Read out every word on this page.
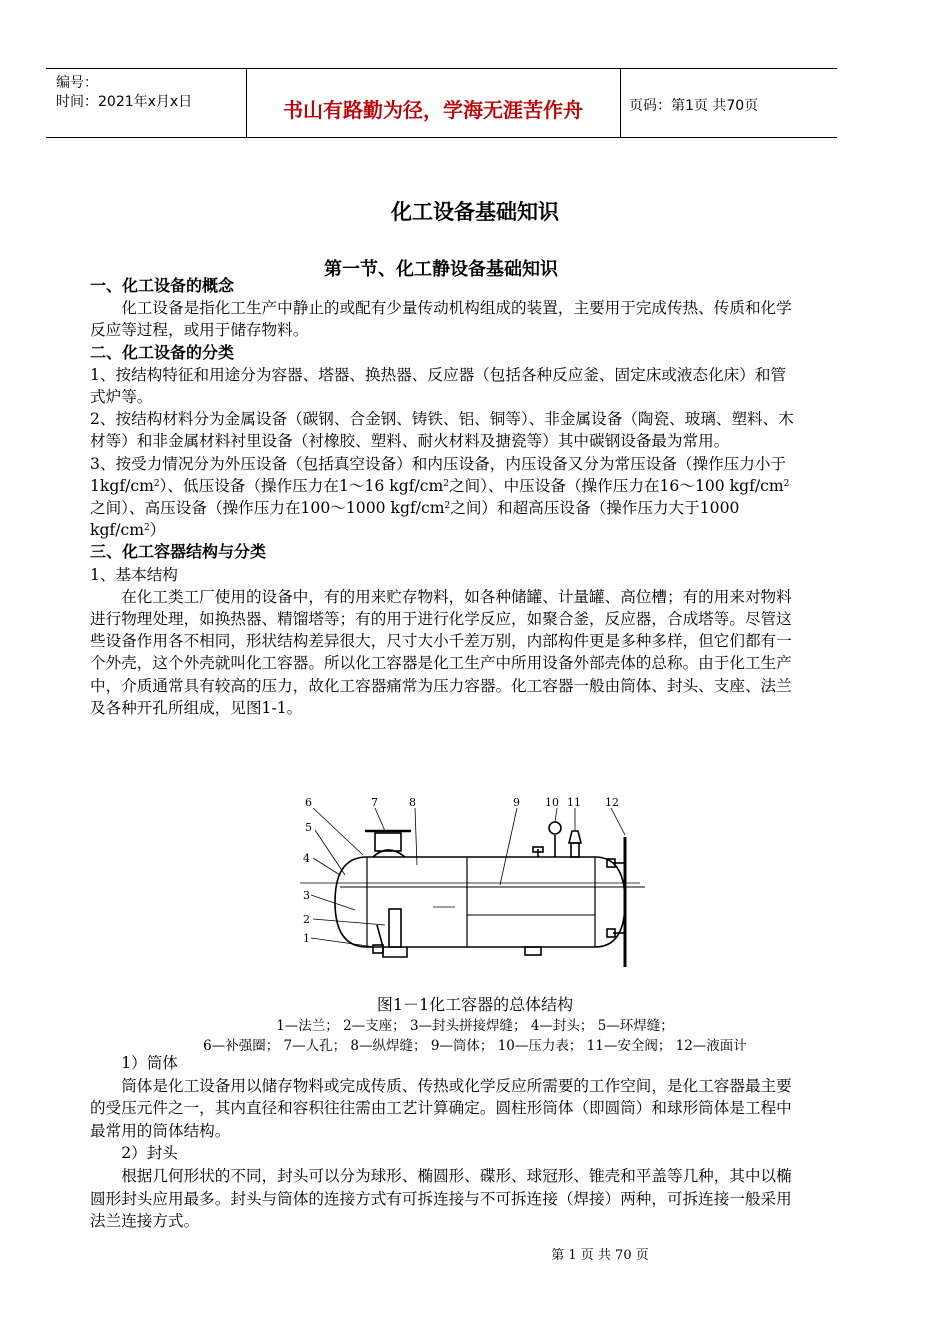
编号：
时间：2021年x月x日	书山有路勤为径，学海无涯苦作舟	页码：第1页 共70页
化工设备基础知识
第一节、化工静设备基础知识

一、化工设备的概念

化工设备是指化工生产中静止的或配有少量传动机构组成的装置，主要用于完成传热、传质和化学反应等过程，或用于储存物料。

二、化工设备的分类

1、按结构特征和用途分为容器、塔器、换热器、反应器（包括各种反应釜、固定床或液态化床）和管式炉等。

2、按结构材料分为金属设备（碳钢、合金钢、铸铁、铝、铜等）、非金属设备（陶瓷、玻璃、塑料、木材等）和非金属材料衬里设备（衬橡胶、塑料、耐火材料及搪瓷等）其中碳钢设备最为常用。

3、按受力情况分为外压设备（包括真空设备）和内压设备，内压设备又分为常压设备（操作压力小于$1kgf/cm^2$）、低压设备（操作压力在1～16 kgf/$cm^2$之间）、中压设备（操作压力在16～100 kgf/$cm^2$之间）、高压设备（操作压力在100～1000 kgf/$cm^2$之间）和超高压设备（操作压力大于1000 kgf/$cm^2$）

三、化工容器结构与分类

1、基本结构

在化工类工厂使用的设备中，有的用来贮存物料，如各种储罐、计量罐、高位槽；有的用来对物料进行物理处理，如换热器、精馏塔等；有的用于进行化学反应，如聚合釜，反应器，合成塔等。尽管这些设备作用各不相同，形状结构差异很大，尺寸大小千差万别，内部构件更是多种多样，但它们都有一个外壳，这个外壳就叫化工容器。所以化工容器是化工生产中所用设备外部壳体的总称。由于化工生产中，介质通常具有较高的压力，故化工容器痛常为压力容器。化工容器一般由筒体、封头、支座、法兰及各种开孔所组成，见图1-1。

6	7	8	9 10 11 12
5
4
3
2
1
图1－1化工容器的总体结构
1—法兰； 2—支座； 3—封头拼接焊缝； 4—封头； 5—环焊缝；
6—补强圈； 7—人孔； 8—纵焊缝； 9—筒体； 10—压力表； 11—安全阀； 12—液面计

1）筒体

筒体是化工设备用以储存物料或完成传质、传热或化学反应所需要的工作空间，是化工容器最主要的受压元件之一，其内直径和容积往往需由工艺计算确定。圆柱形筒体（即圆筒）和球形筒体是工程中最常用的筒体结构。

2）封头

根据几何形状的不同，封头可以分为球形、椭圆形、碟形、球冠形、锥壳和平盖等几种，其中以椭圆形封头应用最多。封头与筒体的连接方式有可拆连接与不可拆连接（焊接）两种，可拆连接一般采用法兰连接方式。

第 1 页 共 70 页
